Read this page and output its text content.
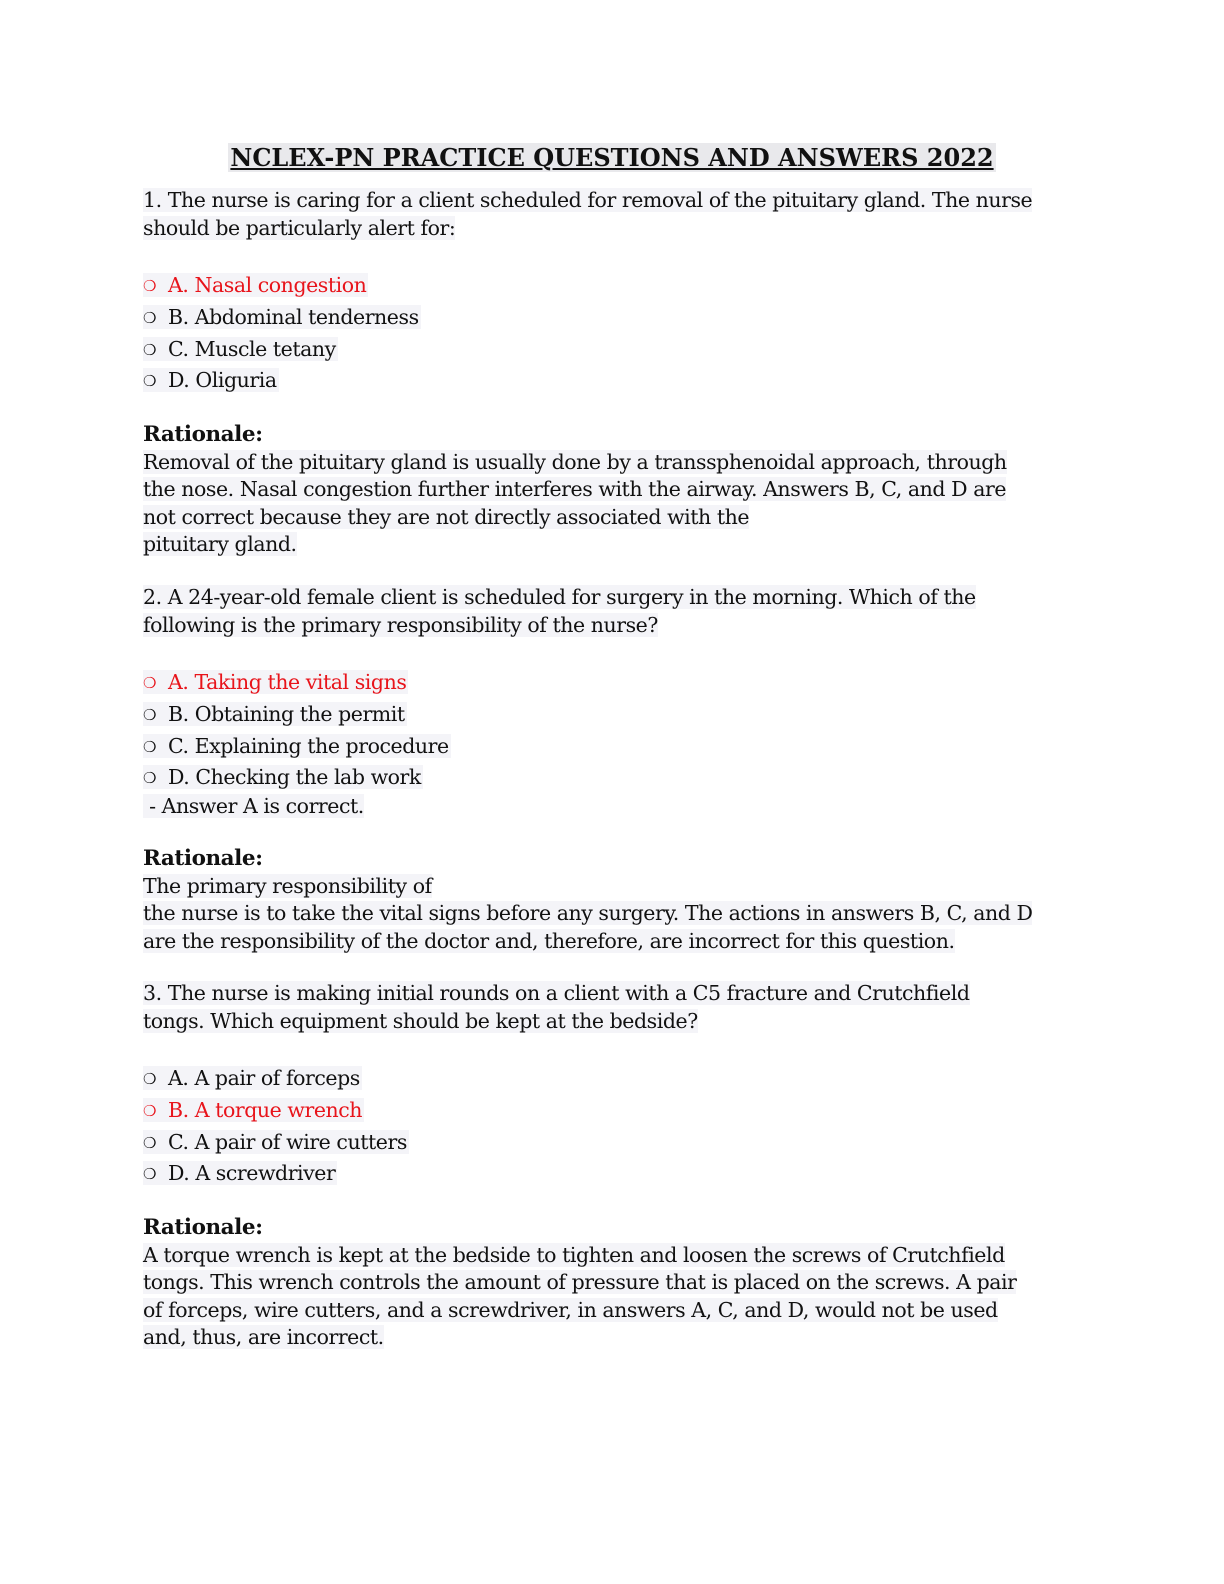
NCLEX-PN PRACTICE QUESTIONS AND ANSWERS 2022
1. The nurse is caring for a client scheduled for removal of the pituitary gland. The nurse
should be particularly alert for:
❍ A. Nasal congestion
❍ B. Abdominal tenderness
❍ C. Muscle tetany
❍ D. Oliguria
Rationale:
Removal of the pituitary gland is usually done by a transsphenoidal approach, through
the nose. Nasal congestion further interferes with the airway. Answers B, C, and D are
not correct because they are not directly associated with the
pituitary gland.
2. A 24-year-old female client is scheduled for surgery in the morning. Which of the
following is the primary responsibility of the nurse?
❍ A. Taking the vital signs
❍ B. Obtaining the permit
❍ C. Explaining the procedure
❍ D. Checking the lab work
- Answer A is correct.
Rationale:
The primary responsibility of
the nurse is to take the vital signs before any surgery. The actions in answers B, C, and D
are the responsibility of the doctor and, therefore, are incorrect for this question.
3. The nurse is making initial rounds on a client with a C5 fracture and Crutchfield
tongs. Which equipment should be kept at the bedside?
❍ A. A pair of forceps
❍ B. A torque wrench
❍ C. A pair of wire cutters
❍ D. A screwdriver
Rationale:
A torque wrench is kept at the bedside to tighten and loosen the screws of Crutchfield
tongs. This wrench controls the amount of pressure that is placed on the screws. A pair
of forceps, wire cutters, and a screwdriver, in answers A, C, and D, would not be used
and, thus, are incorrect.
